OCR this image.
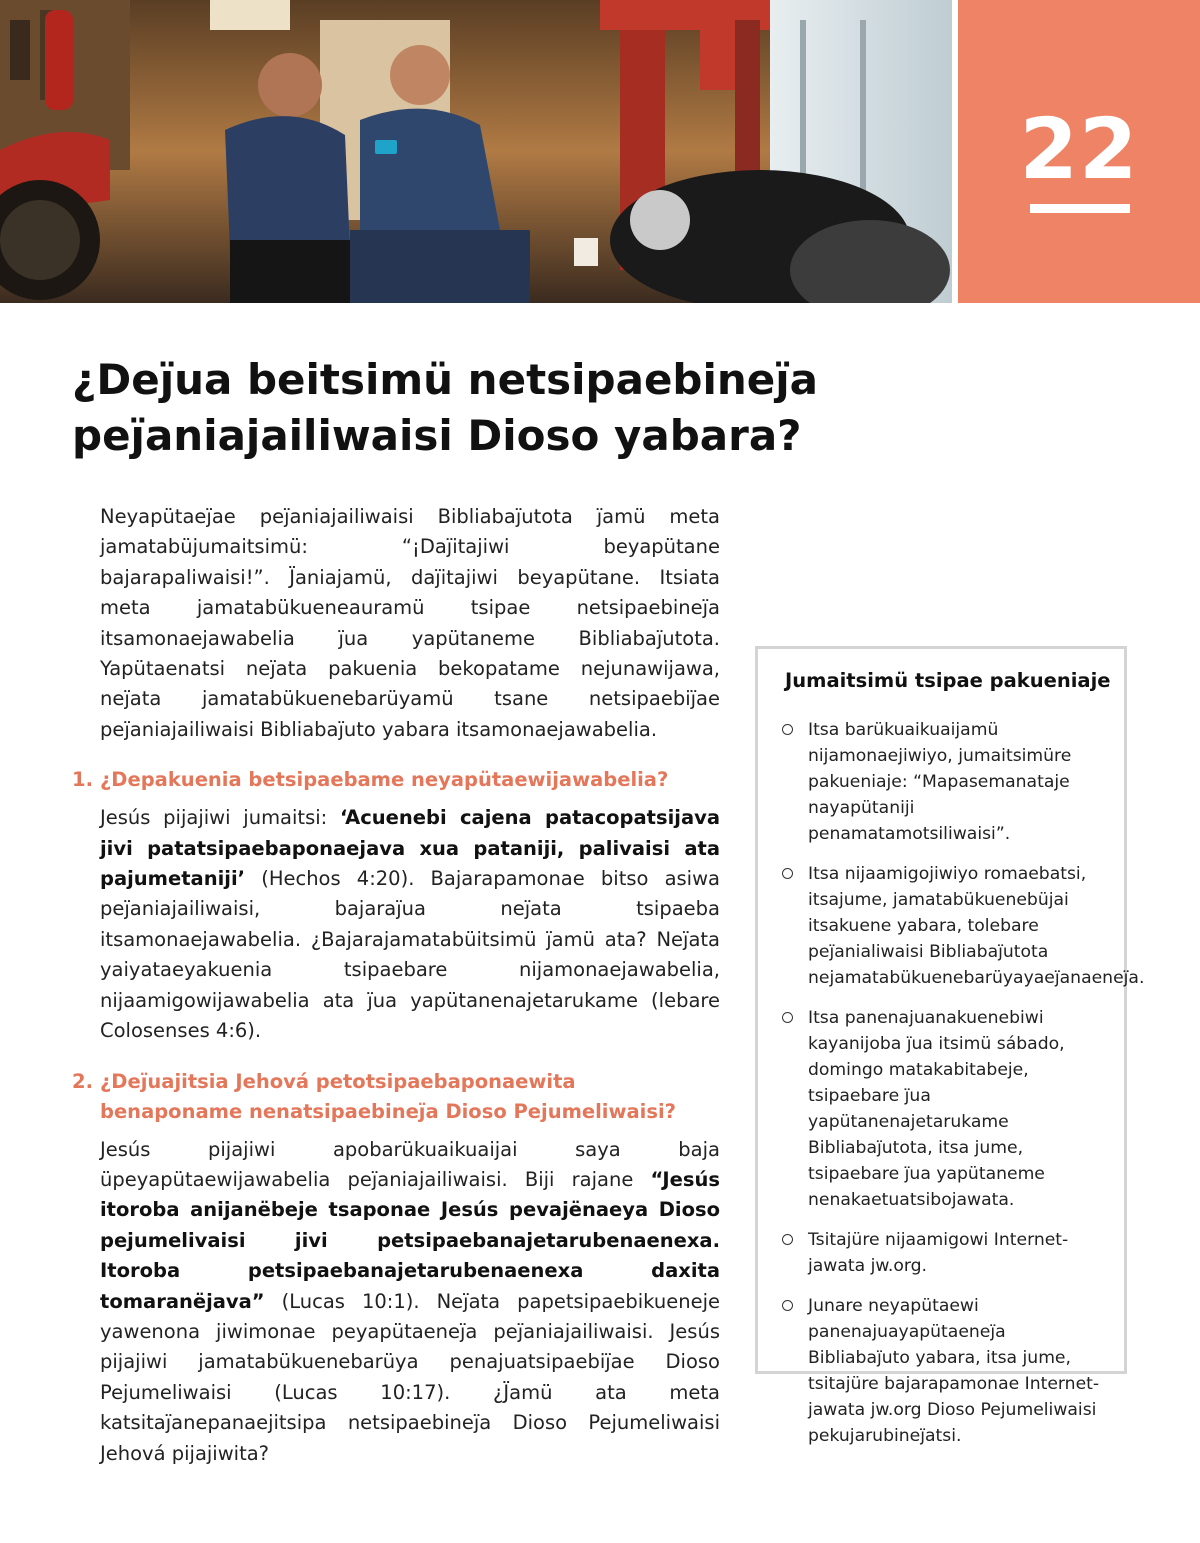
22
¿Dej̈ua beitsimü netsipaebinej̈a
pej̈aniajailiwaisi Dioso yabara?

Neyapütaej̈ae pej̈aniajailiwaisi Bibliabaj̈utota j̈amü meta jamatabüjumaitsimü: “¡Daj̈itajiwi beyapütane bajarapaliwaisi!”. J̈aniajamü, daj̈itajiwi beyapütane. Itsiata meta jamatabükueneauramü tsipae netsipaebinej̈a itsamonaejawabelia j̈ua yapütaneme Bibliabaj̈utota. Yapütaenatsi nej̈ata pakuenia bekopatame nejunawijawa, nej̈ata jamatabükuenebarüyamü tsane netsipaebij̈ae pej̈aniajailiwaisi Bibliabaj̈uto yabara itsamonaejawabelia.

1. ¿Depakuenia betsipaebame neyapütaewijawabelia?

Jesús pijajiwi jumaitsi: ‘Acuenebi cajena patacopatsijava jivi patatsipaebaponaejava xua pataniji, palivaisi ata pajumetaniji’ (Hechos 4:20). Bajarapamonae bitso asiwa pej̈aniajailiwaisi, bajaraj̈ua nej̈ata tsipaeba itsamonaejawabelia. ¿Bajarajamatabüitsimü j̈amü ata? Nej̈ata yaiyataeyakuenia tsipaebare nijamonaejawabelia, nijaamigowijawabelia ata j̈ua yapütanenajetarukame (lebare Colosenses 4:6).

2. ¿Dej̈uajitsia Jehová petotsipaebaponaewita benaponame nenatsipaebinej̈a Dioso Pejumeliwaisi?

Jesús pijajiwi apobarükuaikuaijai saya baja üpeyapütaewijawabelia pej̈aniajailiwaisi. Biji rajane “Jesús itoroba anijanëbeje tsaponae Jesús pevajënaeya Dioso pejumelivaisi jivi petsipaebanajetarubenaenexa. Itoroba petsipaebanajetarubenaenexa daxita tomaranëjava” (Lucas 10:1). Nej̈ata papetsipaebikueneje yawenona jiwimonae peyapütaenej̈a pej̈aniajailiwaisi. Jesús pijajiwi jamatabükuenebarüya penajuatsipaebij̈ae Dioso Pejumeliwaisi (Lucas 10:17). ¿J̈amü ata meta katsitaj̈anepanaejitsipa netsipaebinej̈a Dioso Pejumeliwaisi Jehová pijajiwita?

Jumaitsimü tsipae pakueniaje
Itsa barükuaikuaijamü nijamonaejiwiyo, jumaitsimüre pakueniaje: “Mapasemanataje nayapütaniji penamatamotsiliwaisi”.
Itsa nijaamigojiwiyo romaebatsi, itsajume, jamatabükuenebüjai itsakuene yabara, tolebare pej̈anialiwaisi Bibliabaj̈utota nejamatabükuenebarüyayaej̈anaenej̈a.
Itsa panenajuanakuenebiwi kayanijoba j̈ua itsimü sábado, domingo matakabitabeje, tsipaebare j̈ua yapütanenajetarukame Bibliabaj̈utota, itsa jume, tsipaebare j̈ua yapütaneme nenakaetuatsibojawata.
Tsitajüre nijaamigowi Internet-jawata jw.org.
Junare neyapütaewi panenajuayapütaenej̈a Bibliabaj̈uto yabara, itsa jume, tsitajüre bajarapamonae Internet-jawata jw.org Dioso Pejumeliwaisi pekujarubinej̈atsi.
